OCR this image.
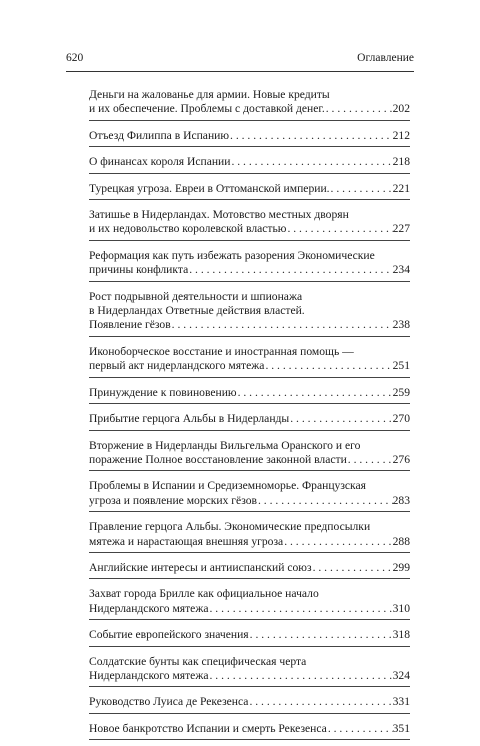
620	Оглавление
Деньги на жалованье для армии. Новые кредиты
и их обеспечение. Проблемы с доставкой денег. . . .	202
Отъезд Филиппа в Испанию . . .	212
О финансах короля Испании . . .	218
Турецкая угроза. Евреи в Оттоманской империи. . . .	221
Затишье в Нидерландах. Мотовство местных дворян
и их недовольство королевской властью . . .	227
Реформация как путь избежать разорения Экономические
причины конфликта . . .	234
Рост подрывной деятельности и шпионажа
в Нидерландах Ответные действия властей.
Появление гёзов . . .	238
Иконоборческое восстание и иностранная помощь —
первый акт нидерландского мятежа . . .	251
Принуждение к повиновению . . .	259
Прибытие герцога Альбы в Нидерланды . . .	270
Вторжение в Нидерланды Вильгельма Оранского и его
поражение Полное восстановление законной власти . . .	276
Проблемы в Испании и Средиземноморье. Французская
угроза и появление морских гёзов . . .	283
Правление герцога Альбы. Экономические предпосылки
мятежа и нарастающая внешняя угроза . . .	288
Английские интересы и антииспанский союз . . .	299
Захват города Брилле как официальное начало
Нидерландского мятежа . . .	310
Событие европейского значения . . .	318
Солдатские бунты как специфическая черта
Нидерландского мятежа . . .	324
Руководство Луиса де Рекезенса . . .	331
Новое банкротство Испании и смерть Рекезенса . . .	351
